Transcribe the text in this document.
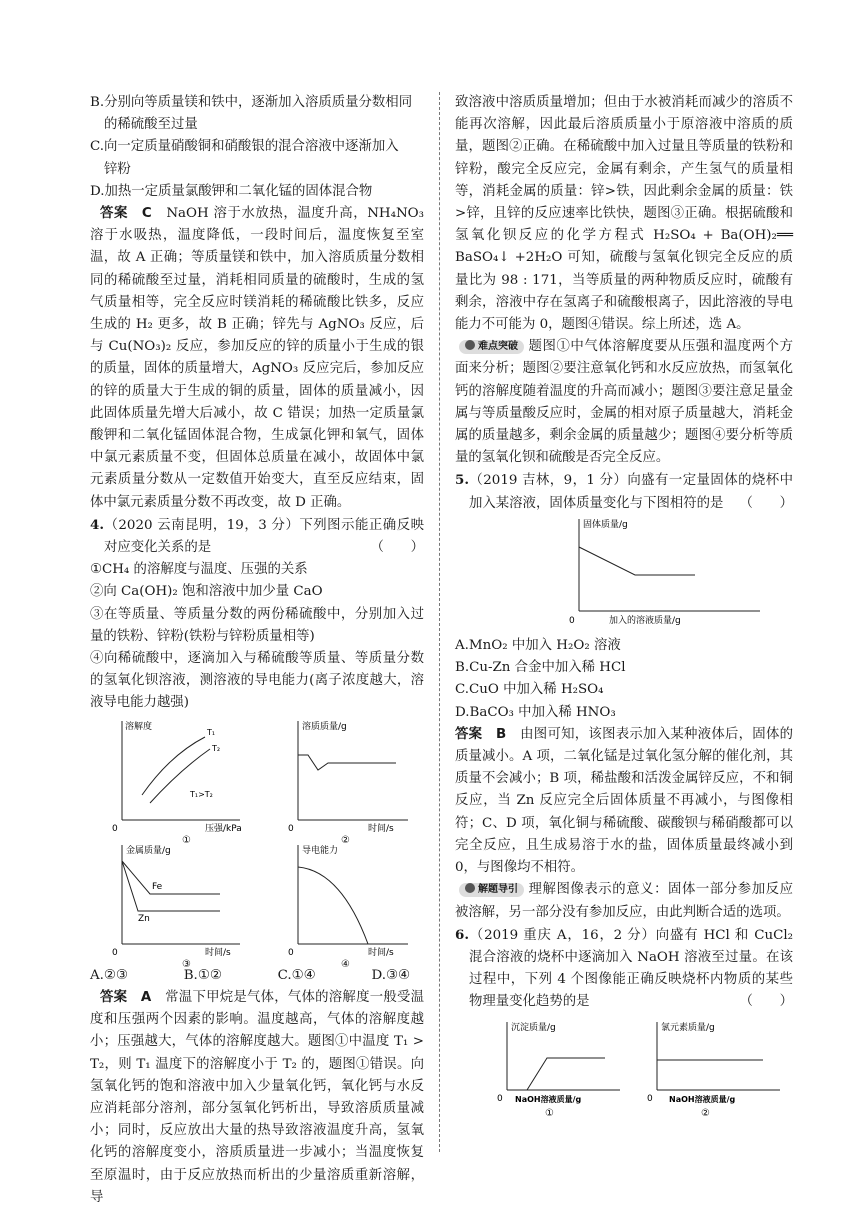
B.分别向等质量镁和铁中，逐渐加入溶质质量分数相同
的稀硫酸至过量

C.向一定质量硝酸铜和硝酸银的混合溶液中逐渐加入
锌粉

D.加热一定质量氯酸钾和二氧化锰的固体混合物

答案　C　 NaOH 溶于水放热，温度升高，NH₄NO₃ 溶于水吸热，温度降低，一段时间后，温度恢复至室温，故 A 正确；等质量镁和铁中，加入溶质质量分数相同的稀硫酸至过量，消耗相同质量的硫酸时，生成的氢气质量相等，完全反应时镁消耗的稀硫酸比铁多，反应生成的 H₂ 更多，故 B 正确；锌先与 AgNO₃ 反应，后与 Cu(NO₃)₂ 反应，参加反应的锌的质量小于生成的银的质量，固体的质量增大，AgNO₃ 反应完后，参加反应的锌的质量大于生成的铜的质量，固体的质量减小，因此固体质量先增大后减小，故 C 错误；加热一定质量氯酸钾和二氧化锰固体混合物，生成氯化钾和氧气，固体中氯元素质量不变，但固体总质量在减小，故固体中氯元素质量分数从一定数值开始变大，直至反应结束，固体中氯元素质量分数不再改变，故 D 正确。

4.（2020 云南昆明，19，3 分）下列图示能正确反映对应变化关系的是	（　　）

①CH₄ 的溶解度与温度、压强的关系

②向 Ca(OH)₂ 饱和溶液中加少量 CaO

③在等质量、等质量分数的两份稀硫酸中，分别加入过量的铁粉、锌粉(铁粉与锌粉质量相等)

④向稀硫酸中，逐滴加入与稀硫酸等质量、等质量分数的氢氧化钡溶液，测溶液的导电能力(离子浓度越大，溶液导电能力越强)

溶解度
0	压强/kPa
T₁
T₂
T₁>T₂
①
溶质质量/g
0	时间/s
②
金属质量/g
0	时间/s
Fe
Zn
③
导电能力
0	时间/s
④
A.②③	B.①②	C.①④	D.③④

答案　A　 常温下甲烷是气体，气体的溶解度一般受温度和压强两个因素的影响。温度越高，气体的溶解度越小；压强越大，气体的溶解度越大。题图①中温度 T₁ > T₂，则 T₁ 温度下的溶解度小于 T₂ 的，题图①错误。向氢氧化钙的饱和溶液中加入少量氧化钙，氧化钙与水反应消耗部分溶剂，部分氢氧化钙析出，导致溶质质量减小；同时，反应放出大量的热导致溶液温度升高，氢氧化钙的溶解度变小，溶质质量进一步减小；当温度恢复至原温时，由于反应放热而析出的少量溶质重新溶解，导

致溶液中溶质质量增加；但由于水被消耗而减少的溶质不能再次溶解，因此最后溶质质量小于原溶液中溶质的质量，题图②正确。在稀硫酸中加入过量且等质量的铁粉和锌粉，酸完全反应完，金属有剩余，产生氢气的质量相等，消耗金属的质量：锌>铁，因此剩余金属的质量：铁>锌，且锌的反应速率比铁快，题图③正确。根据硫酸和氢氧化钡反应的化学方程式 H₂SO₄ + Ba(OH)₂══ BaSO₄↓ +2H₂O 可知，硫酸与氢氧化钡完全反应的质量比为 98 : 171，当等质量的两种物质反应时，硫酸有剩余，溶液中存在氢离子和硫酸根离子，因此溶液的导电能力不可能为 0，题图④错误。综上所述，选 A。

难点突破 题图①中气体溶解度要从压强和温度两个方面来分析；题图②要注意氧化钙和水反应放热，而氢氧化钙的溶解度随着温度的升高而减小；题图③要注意足量金属与等质量酸反应时，金属的相对原子质量越大，消耗金属的质量越多，剩余金属的质量越少；题图④要分析等质量的氢氧化钡和硫酸是否完全反应。

5.（2019 吉林，9，1 分）向盛有一定量固体的烧杯中加入某溶液，固体质量变化与下图相符的是 （　　）

固体质量/g
0	加入的溶液质量/g

A.MnO₂ 中加入 H₂O₂ 溶液

B.Cu-Zn 合金中加入稀 HCl

C.CuO 中加入稀 H₂SO₄

D.BaCO₃ 中加入稀 HNO₃

答案　B　 由图可知，该图表示加入某种液体后，固体的质量减小。A 项，二氧化锰是过氧化氢分解的催化剂，其质量不会减小；B 项，稀盐酸和活泼金属锌反应，不和铜反应，当 Zn 反应完全后固体质量不再减小，与图像相符；C、D 项，氧化铜与稀硫酸、碳酸钡与稀硝酸都可以完全反应，且生成易溶于水的盐，固体质量最终减小到 0，与图像均不相符。

解题导引 理解图像表示的意义：固体一部分参加反应被溶解，另一部分没有参加反应，由此判断合适的选项。

6.（2019 重庆 A，16，2 分）向盛有 HCl 和 CuCl₂ 混合溶液的烧杯中逐滴加入 NaOH 溶液至过量。在该过程中，下列 4 个图像能正确反映烧杯内物质的某些物理量变化趋势的是	（　　）

沉淀质量/g
0 NaOH溶液质量/g
①
氯元素质量/g
0 NaOH溶液质量/g
②
